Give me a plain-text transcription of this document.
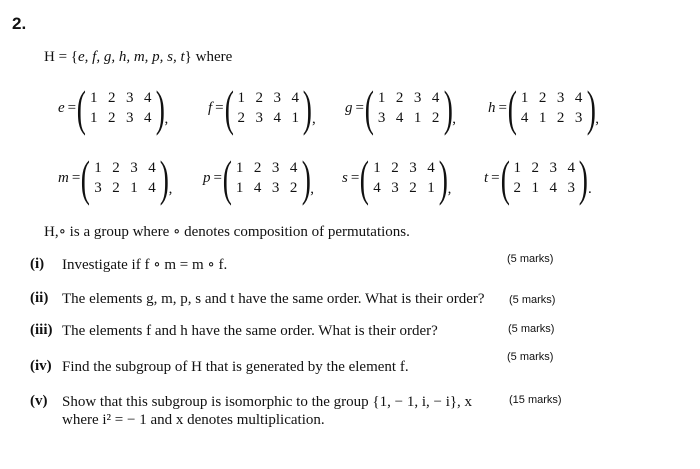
2.
H = {e, f, g, h, m, p, s, t} where
e = ( 1 2 3 4
1 2 3 4 ) ,
f = ( 1 2 3 4
2 3 4 1 ) ,
g = ( 1 2 3 4
3 4 1 2 ) ,
h = ( 1 2 3 4
4 1 2 3 ) ,
m = ( 1 2 3 4
3 2 1 4 ) ,
p = ( 1 2 3 4
1 4 3 2 ) ,
s = ( 1 2 3 4
4 3 2 1 ) ,
t = ( 1 2 3 4
2 1 4 3 ) .
H,∘ is a group where ∘ denotes composition of permutations.
(i) Investigate if f ∘ m = m ∘ f.	(5 marks)
(ii) The elements g, m, p, s and t have the same order. What is their order? (5 marks)
(iii) The elements f and h have the same order. What is their order?	(5 marks)
(iv) Find the subgroup of H that is generated by the element f.
(5 marks)
(v) Show that this subgroup is isomorphic to the group {1, − 1, i, − i}, x
where i² = − 1 and x denotes multiplication.
(15 marks)
